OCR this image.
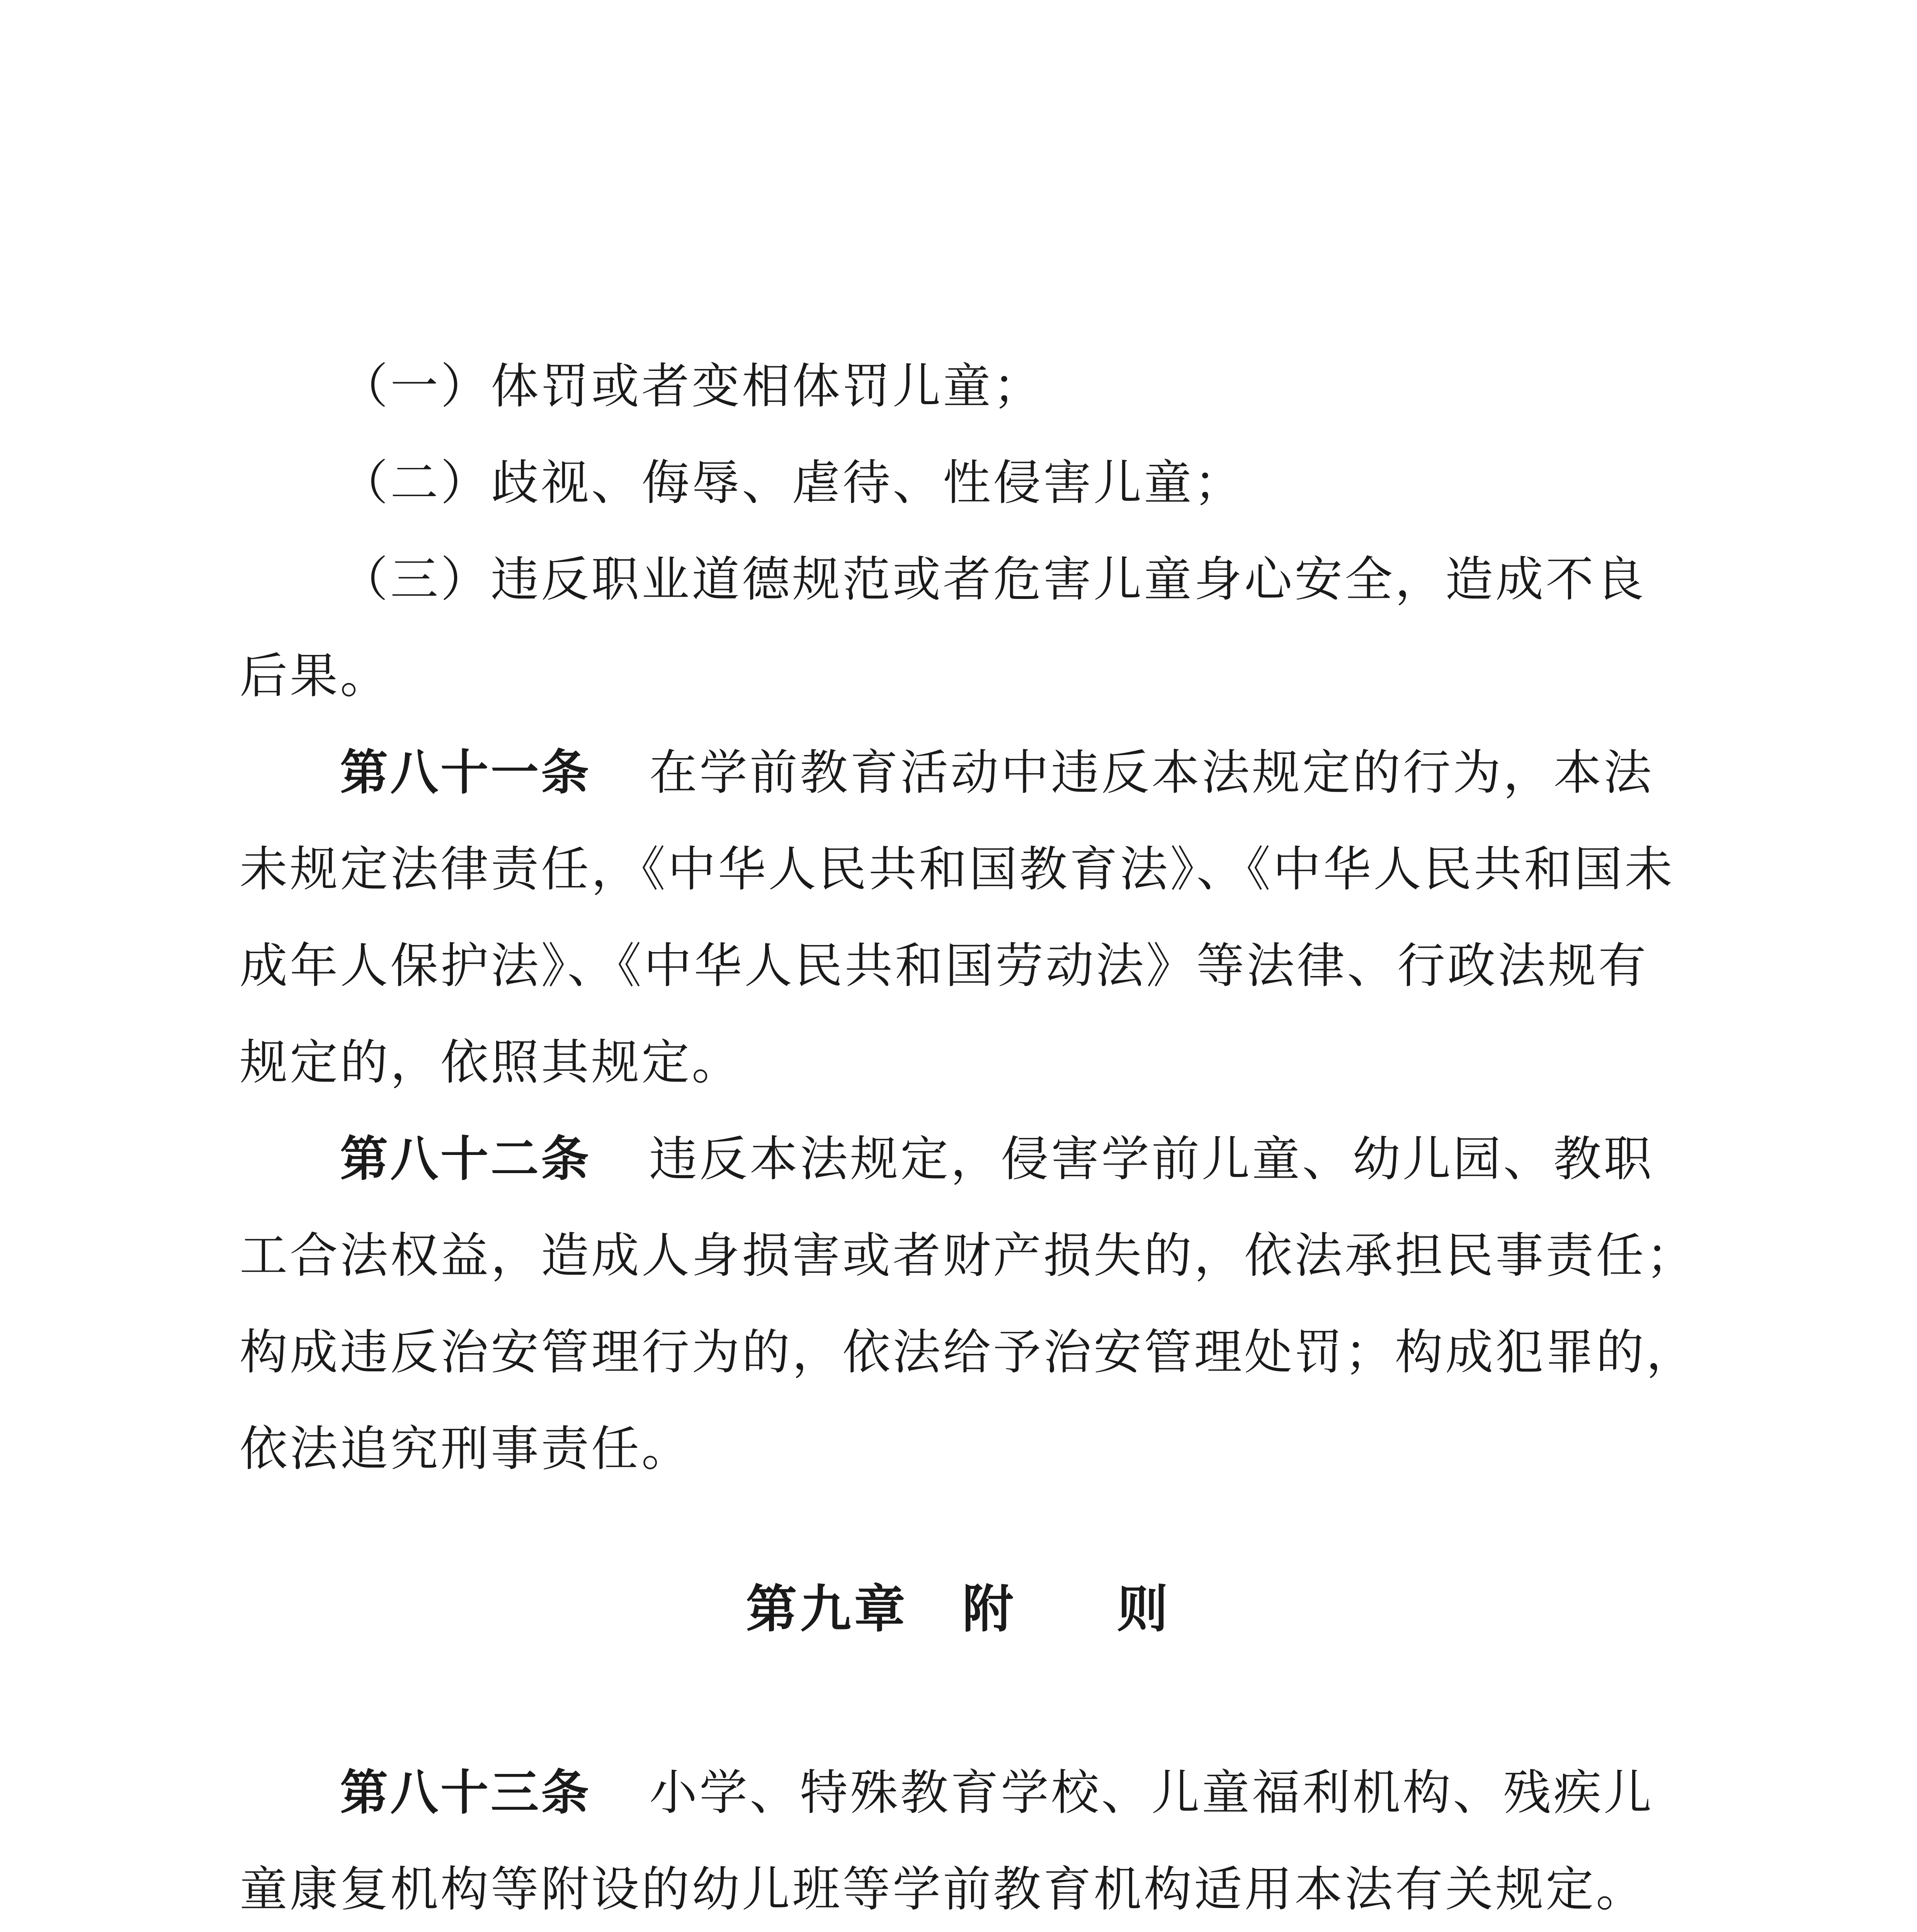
（一）体罚或者变相体罚儿童；
（二）歧视、侮辱、虐待、性侵害儿童；
（三）违反职业道德规范或者危害儿童身心安全，造成不良
后果。
第八十一条 在学前教育活动中违反本法规定的行为，本法
未规定法律责任，《中华人民共和国教育法》、《中华人民共和国未
成年人保护法》、《中华人民共和国劳动法》等法律、行政法规有
规定的，依照其规定。
第八十二条 违反本法规定，侵害学前儿童、幼儿园、教职
工合法权益，造成人身损害或者财产损失的，依法承担民事责任；
构成违反治安管理行为的，依法给予治安管理处罚；构成犯罪的，
依法追究刑事责任。
第九章 附 则
第八十三条 小学、特殊教育学校、儿童福利机构、残疾儿
童康复机构等附设的幼儿班等学前教育机构适用本法有关规定。
